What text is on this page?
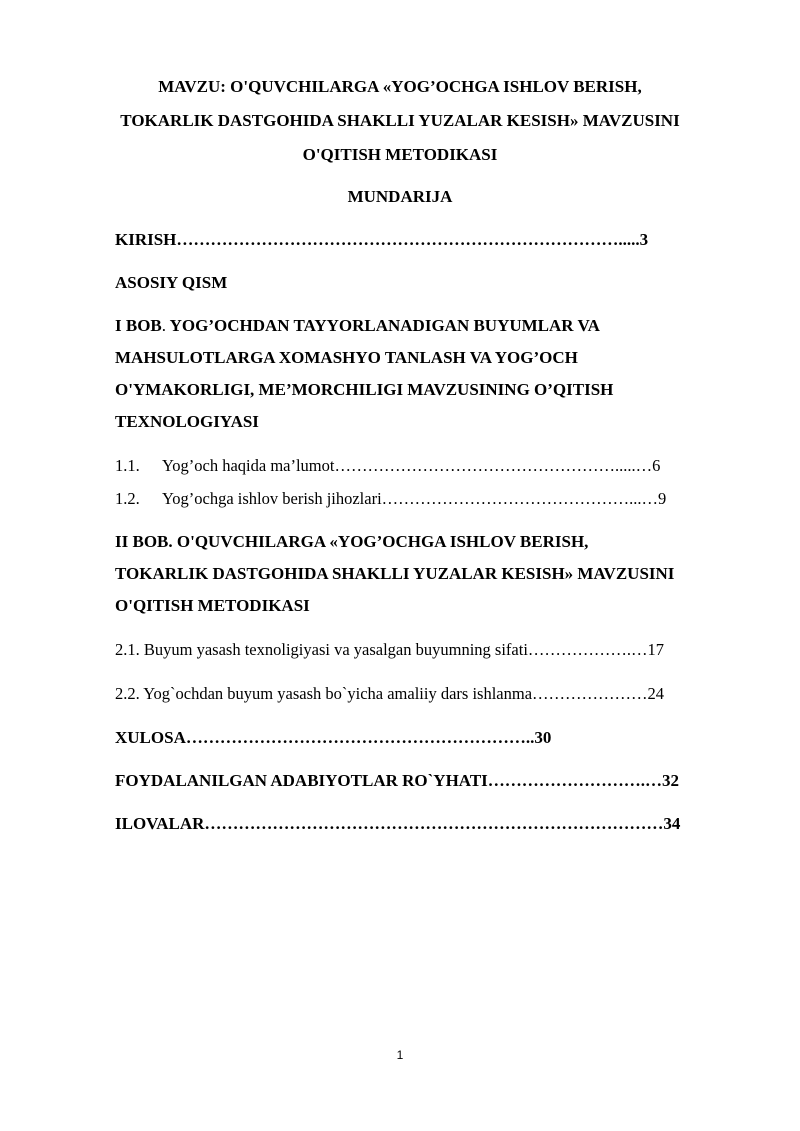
MAVZU: O'QUVCHILARGA «YOG’OCHGA ISHLOV BERISH,
TOKARLIK DASTGOHIDA SHAKLLI YUZALAR KESISH» MAVZUSINI
O'QITISH METODIKASI
MUNDARIJA
KIRISH…………………………………………………………………….....3
ASOSIY QISM
I BOB. YOG’OCHDAN TAYYORLANADIGAN BUYUMLAR VA
MAHSULOTLARGA XOMASHYO TANLASH VA YOG’OCH
O'YMAKORLIGI, ME’MORCHILIGI MAVZUSINING O’QITISH
TEXNOLOGIYASI
1.1. Yog’och haqida ma’lumot…………………………………………….....…6
1.2. Yog’ochga ishlov berish jihozlari………………………………………...…9
II BOB. O'QUVCHILARGA «YOG’OCHGA ISHLOV BERISH,
TOKARLIK DASTGOHIDA SHAKLLI YUZALAR KESISH» MAVZUSINI
O'QITISH METODIKASI
2.1. Buyum yasash texnoligiyasi va yasalgan buyumning sifati……………….…17
2.2. Yog`ochdan buyum yasash bo`yicha amaliiy dars ishlanma…………………24
XULOSA……………………………………………………..30
FOYDALANILGAN ADABIYOTLAR RO`YHATI……………………….…32
ILOVALAR………………………………………………………………………34
1
